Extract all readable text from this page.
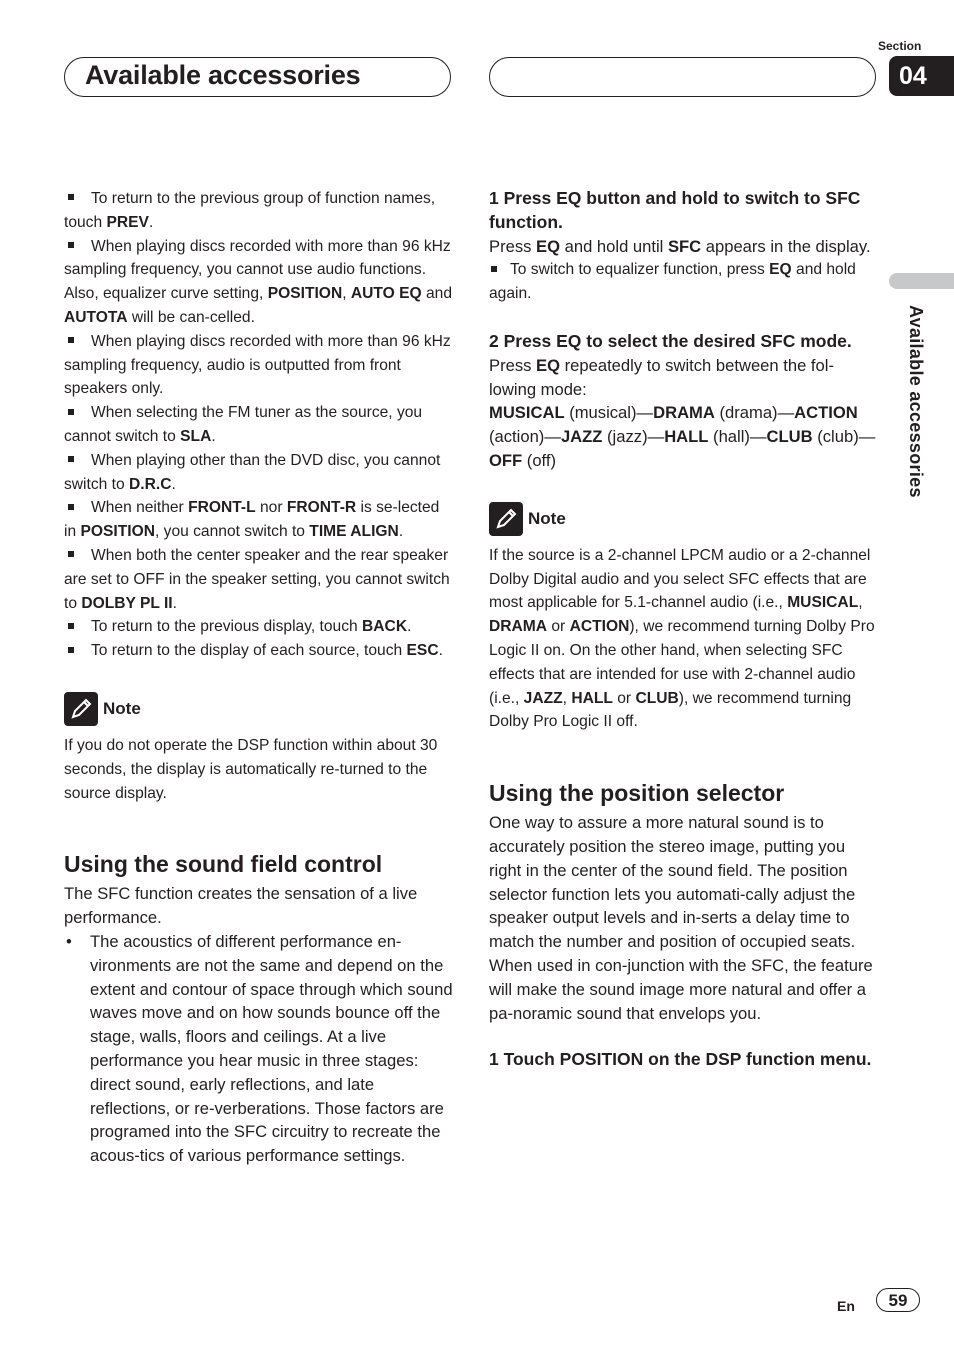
Available accessories
Section
04
Available accessories

To return to the previous group of function names, touch PREV.

When playing discs recorded with more than 96 kHz sampling frequency, you cannot use audio functions. Also, equalizer curve setting, POSITION, AUTO EQ and AUTOTA will be can-celled.

When playing discs recorded with more than 96 kHz sampling frequency, audio is outputted from front speakers only.

When selecting the FM tuner as the source, you cannot switch to SLA.

When playing other than the DVD disc, you cannot switch to D.R.C.

When neither FRONT-L nor FRONT-R is se-lected in POSITION, you cannot switch to TIME ALIGN.

When both the center speaker and the rear speaker are set to OFF in the speaker setting, you cannot switch to DOLBY PL II.

To return to the previous display, touch BACK.

To return to the display of each source, touch ESC.

Note

If you do not operate the DSP function within about 30 seconds, the display is automatically re-turned to the source display.

Using the sound field control

The SFC function creates the sensation of a live performance.

• The acoustics of different performance en-vironments are not the same and depend on the extent and contour of space through which sound waves move and on how sounds bounce off the stage, walls, floors and ceilings. At a live performance you hear music in three stages: direct sound, early reflections, and late reflections, or re-verberations. Those factors are programed into the SFC circuitry to recreate the acous-tics of various performance settings.

1 Press EQ button and hold to switch to SFC function.

Press EQ and hold until SFC appears in the display.

To switch to equalizer function, press EQ and hold again.

2 Press EQ to select the desired SFC mode.

Press EQ repeatedly to switch between the fol-lowing mode:

MUSICAL (musical)—DRAMA (drama)—ACTION (action)—JAZZ (jazz)—HALL (hall)—CLUB (club)—OFF (off)

Note

If the source is a 2-channel LPCM audio or a 2-channel Dolby Digital audio and you select SFC effects that are most applicable for 5.1-channel audio (i.e., MUSICAL, DRAMA or ACTION), we recommend turning Dolby Pro Logic II on. On the other hand, when selecting SFC effects that are intended for use with 2-channel audio (i.e., JAZZ, HALL or CLUB), we recommend turning Dolby Pro Logic II off.

Using the position selector

One way to assure a more natural sound is to accurately position the stereo image, putting you right in the center of the sound field. The position selector function lets you automati-cally adjust the speaker output levels and in-serts a delay time to match the number and position of occupied seats. When used in con-junction with the SFC, the feature will make the sound image more natural and offer a pa-noramic sound that envelops you.

1 Touch POSITION on the DSP function menu.

En	59
